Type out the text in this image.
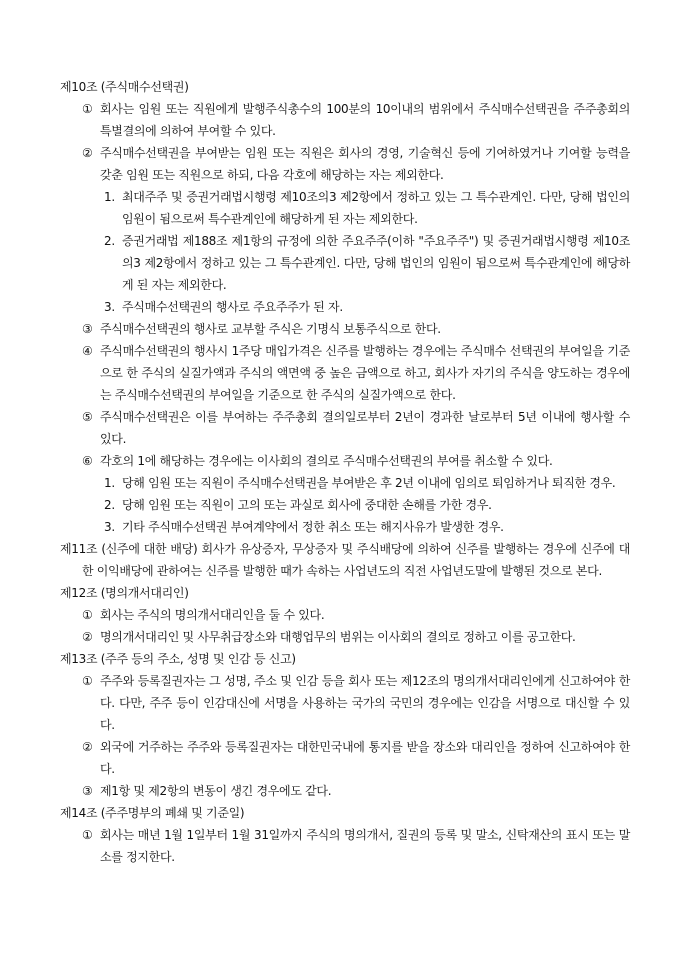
제10조 (주식매수선택권)
① 회사는 임원 또는 직원에게 발행주식총수의 100분의 10이내의 범위에서 주식매수선택권을 주주총회의 특별결의에 의하여 부여할 수 있다.
② 주식매수선택권을 부여받는 임원 또는 직원은 회사의 경영, 기술혁신 등에 기여하였거나 기여할 능력을 갖춘 임원 또는 직원으로 하되, 다음 각호에 해당하는 자는 제외한다.
1. 최대주주 및 증권거래법시행령 제10조의3 제2항에서 정하고 있는 그 특수관계인. 다만, 당해 법인의 임원이 됨으로써 특수관계인에 해당하게 된 자는 제외한다.
2. 증권거래법 제188조 제1항의 규정에 의한 주요주주(이하 "주요주주") 및 증권거래법시행령 제10조의3 제2항에서 정하고 있는 그 특수관계인. 다만, 당해 법인의 임원이 됨으로써 특수관계인에 해당하게 된 자는 제외한다.
3. 주식매수선택권의 행사로 주요주주가 된 자.
③ 주식매수선택권의 행사로 교부할 주식은 기명식 보통주식으로 한다.
④ 주식매수선택권의 행사시 1주당 매입가격은 신주를 발행하는 경우에는 주식매수 선택권의 부여일을 기준으로 한 주식의 실질가액과 주식의 액면액 중 높은 금액으로 하고, 회사가 자기의 주식을 양도하는 경우에는 주식매수선택권의 부여일을 기준으로 한 주식의 실질가액으로 한다.
⑤ 주식매수선택권은 이를 부여하는 주주총회 결의일로부터 2년이 경과한 날로부터 5년 이내에 행사할 수 있다.
⑥ 각호의 1에 해당하는 경우에는 이사회의 결의로 주식매수선택권의 부여를 취소할 수 있다.
1. 당해 임원 또는 직원이 주식매수선택권을 부여받은 후 2년 이내에 임의로 퇴임하거나 퇴직한 경우.
2. 당해 임원 또는 직원이 고의 또는 과실로 회사에 중대한 손해를 가한 경우.
3. 기타 주식매수선택권 부여계약에서 정한 취소 또는 해지사유가 발생한 경우.
제11조 (신주에 대한 배당) 회사가 유상증자, 무상증자 및 주식배당에 의하여 신주를 발행하는 경우에 신주에 대한 이익배당에 관하여는 신주를 발행한 때가 속하는 사업년도의 직전 사업년도말에 발행된 것으로 본다.
제12조 (명의개서대리인)
① 회사는 주식의 명의개서대리인을 둘 수 있다.
② 명의개서대리인 및 사무취급장소와 대행업무의 범위는 이사회의 결의로 정하고 이를 공고한다.
제13조 (주주 등의 주소, 성명 및 인감 등 신고)
① 주주와 등록질권자는 그 성명, 주소 및 인감 등을 회사 또는 제12조의 명의개서대리인에게 신고하여야 한다. 다만, 주주 등이 인감대신에 서명을 사용하는 국가의 국민의 경우에는 인감을 서명으로 대신할 수 있다.
② 외국에 거주하는 주주와 등록질권자는 대한민국내에 통지를 받을 장소와 대리인을 정하여 신고하여야 한다.
③ 제1항 및 제2항의 변동이 생긴 경우에도 같다.
제14조 (주주명부의 폐쇄 및 기준일)
① 회사는 매년 1월 1일부터 1월 31일까지 주식의 명의개서, 질권의 등록 및 말소, 신탁재산의 표시 또는 말소를 정지한다.
